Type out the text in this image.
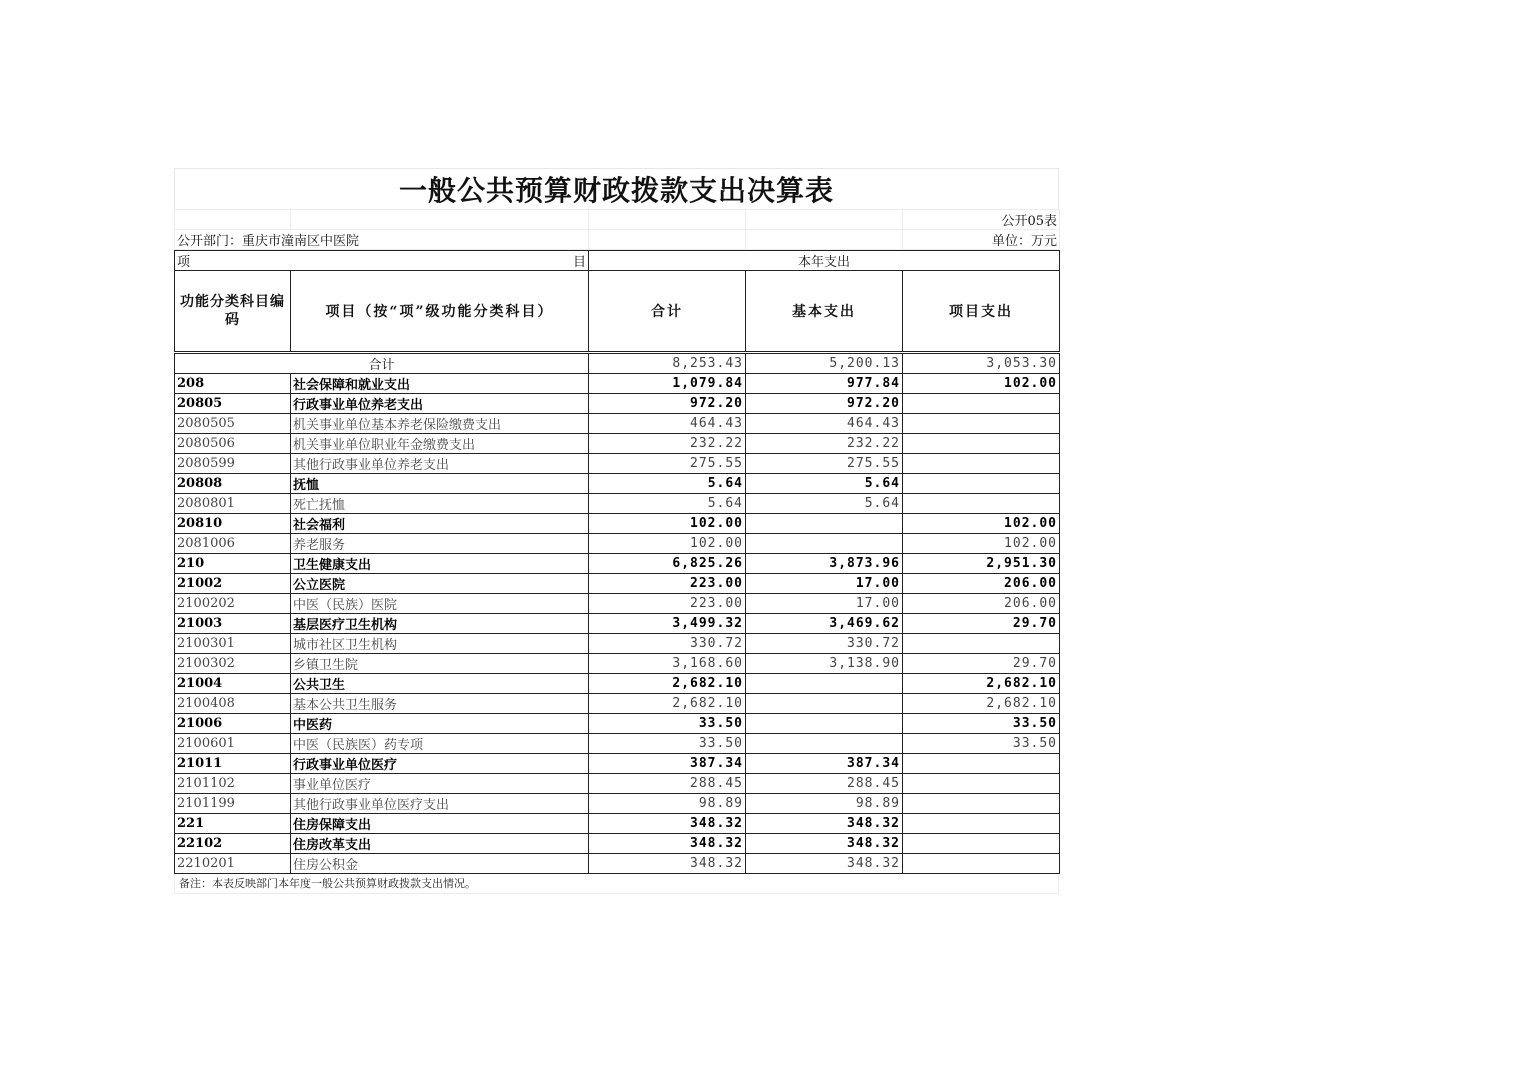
一般公共预算财政拨款支出决算表
				公开05表
公开部门：重庆市潼南区中医院				单位：万元
项 目		本年支出		
功能分类科目编码	项目（按“项”级功能分类科目）	合计	基本支出	项目支出
合计		8,253.43	5,200.13	3,053.30
208	社会保障和就业支出	1,079.84	977.84	102.00
20805	行政事业单位养老支出	972.20	972.20	
2080505	机关事业单位基本养老保险缴费支出	464.43	464.43	
2080506	机关事业单位职业年金缴费支出	232.22	232.22	
2080599	其他行政事业单位养老支出	275.55	275.55	
20808	抚恤	5.64	5.64	
2080801	死亡抚恤	5.64	5.64	
20810	社会福利	102.00		102.00
2081006	养老服务	102.00		102.00
210	卫生健康支出	6,825.26	3,873.96	2,951.30
21002	公立医院	223.00	17.00	206.00
2100202	中医（民族）医院	223.00	17.00	206.00
21003	基层医疗卫生机构	3,499.32	3,469.62	29.70
2100301	城市社区卫生机构	330.72	330.72	
2100302	乡镇卫生院	3,168.60	3,138.90	29.70
21004	公共卫生	2,682.10		2,682.10
2100408	基本公共卫生服务	2,682.10		2,682.10
21006	中医药	33.50		33.50
2100601	中医（民族医）药专项	33.50		33.50
21011	行政事业单位医疗	387.34	387.34	
2101102	事业单位医疗	288.45	288.45	
2101199	其他行政事业单位医疗支出	98.89	98.89	
221	住房保障支出	348.32	348.32	
22102	住房改革支出	348.32	348.32	
2210201	住房公积金	348.32	348.32	
备注：本表反映部门本年度一般公共预算财政拨款支出情况。
